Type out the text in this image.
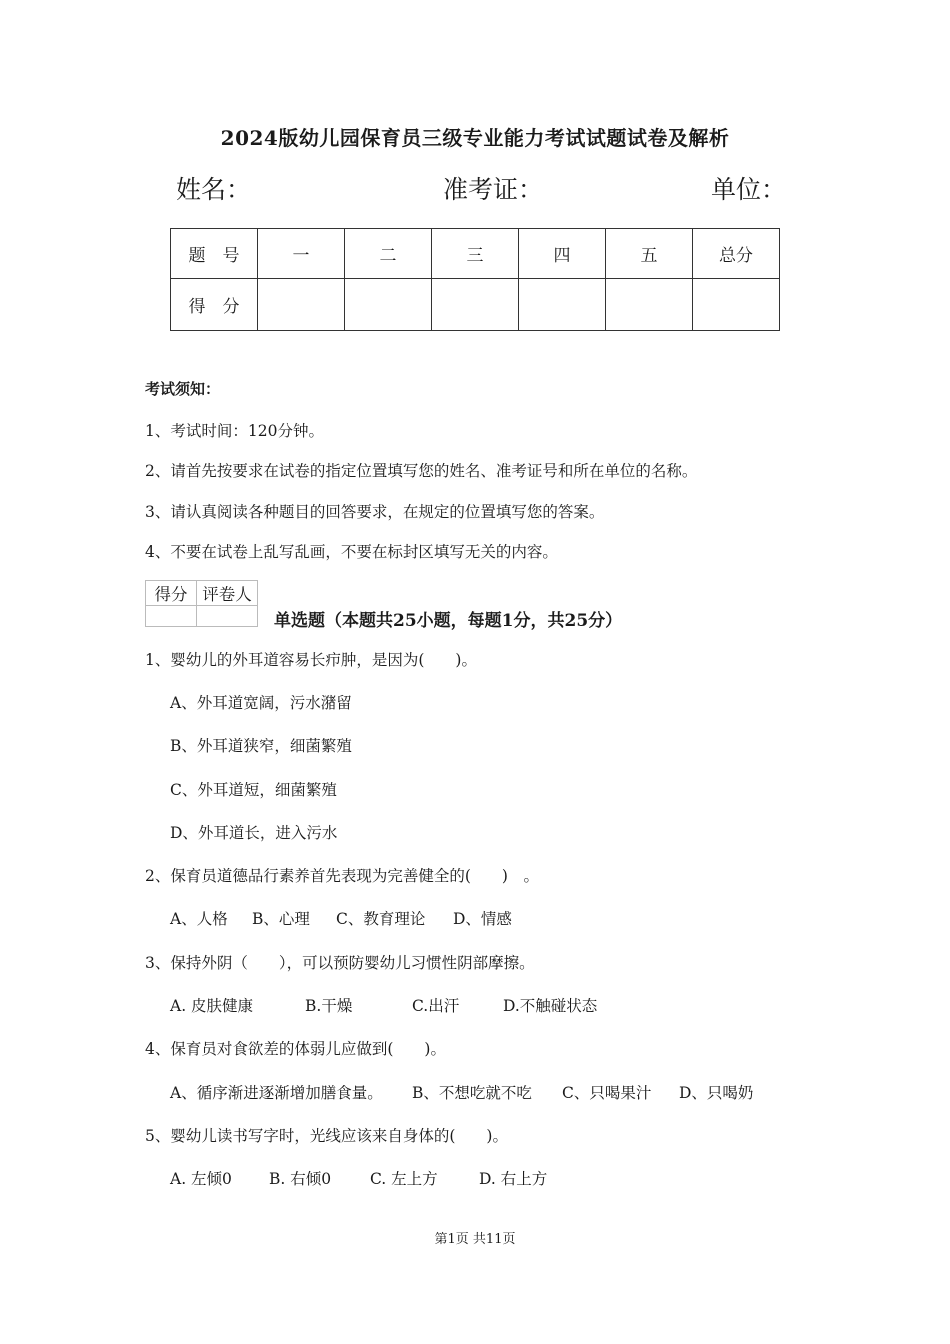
2024版幼儿园保育员三级专业能力考试试题试卷及解析
姓名：	准考证：	单位：
题　号	一	二	三	四	五	总分
得　分						
考试须知：
1、考试时间：120分钟。
2、请首先按要求在试卷的指定位置填写您的姓名、准考证号和所在单位的名称。
3、请认真阅读各种题目的回答要求，在规定的位置填写您的答案。
4、不要在试卷上乱写乱画，不要在标封区填写无关的内容。
得分	评卷人

单选题（本题共25小题，每题1分，共25分）
1、婴幼儿的外耳道容易长疖肿，是因为(　　)。
A、外耳道宽阔，污水潴留
B、外耳道狭窄，细菌繁殖
C、外耳道短，细菌繁殖
D、外耳道长，进入污水
2、保育员道德品行素养首先表现为完善健全的(　　)　。
A、人格 B、心理 C、教育理论 D、情感
3、保持外阴（　　），可以预防婴幼儿习惯性阴部摩擦。
A. 皮肤健康	B.干燥	C.出汗	D.不触碰状态
4、保育员对食欲差的体弱儿应做到(　　)。
A、循序渐进逐渐增加膳食量。 B、不想吃就不吃 C、只喝果汁 D、只喝奶
5、婴幼儿读书写字时，光线应该来自身体的(　　)。
A. 左倾0 B. 右倾0	C. 左上方	D. 右上方
第1页 共11页
